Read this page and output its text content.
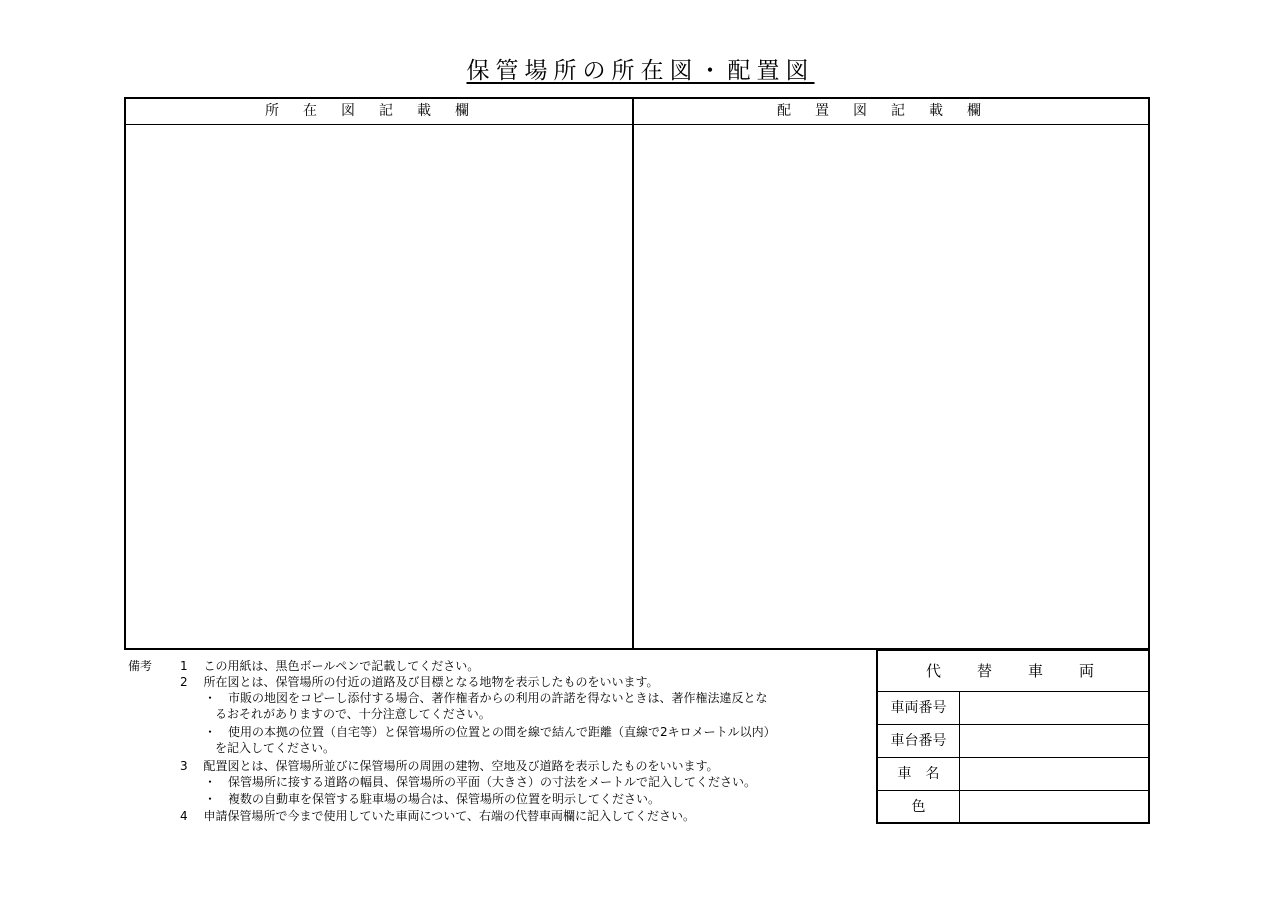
保管場所の所在図・配置図
所在図記載欄	配置図記載欄
備考 1　 この用紙は、黒色ボールペンで記載してください。
2　 所在図とは、保管場所の付近の道路及び目標となる地物を表示したものをいいます。
・　市販の地図をコピーし添付する場合、著作権者からの利用の許諾を得ないときは、著作権法違反とな
るおそれがありますので、十分注意してください。
・　使用の本拠の位置（自宅等）と保管場所の位置との間を線で結んで距離（直線で2キロメートル以内）
を記入してください。
3　 配置図とは、保管場所並びに保管場所の周囲の建物、空地及び道路を表示したものをいいます。
・　保管場所に接する道路の幅員、保管場所の平面（大きさ）の寸法をメートルで記入してください。
・　複数の自動車を保管する駐車場の場合は、保管場所の位置を明示してください。
4　 申請保管場所で今まで使用していた車両について、右端の代替車両欄に記入してください。
代替車両
車両番号
車台番号
車　名
色
